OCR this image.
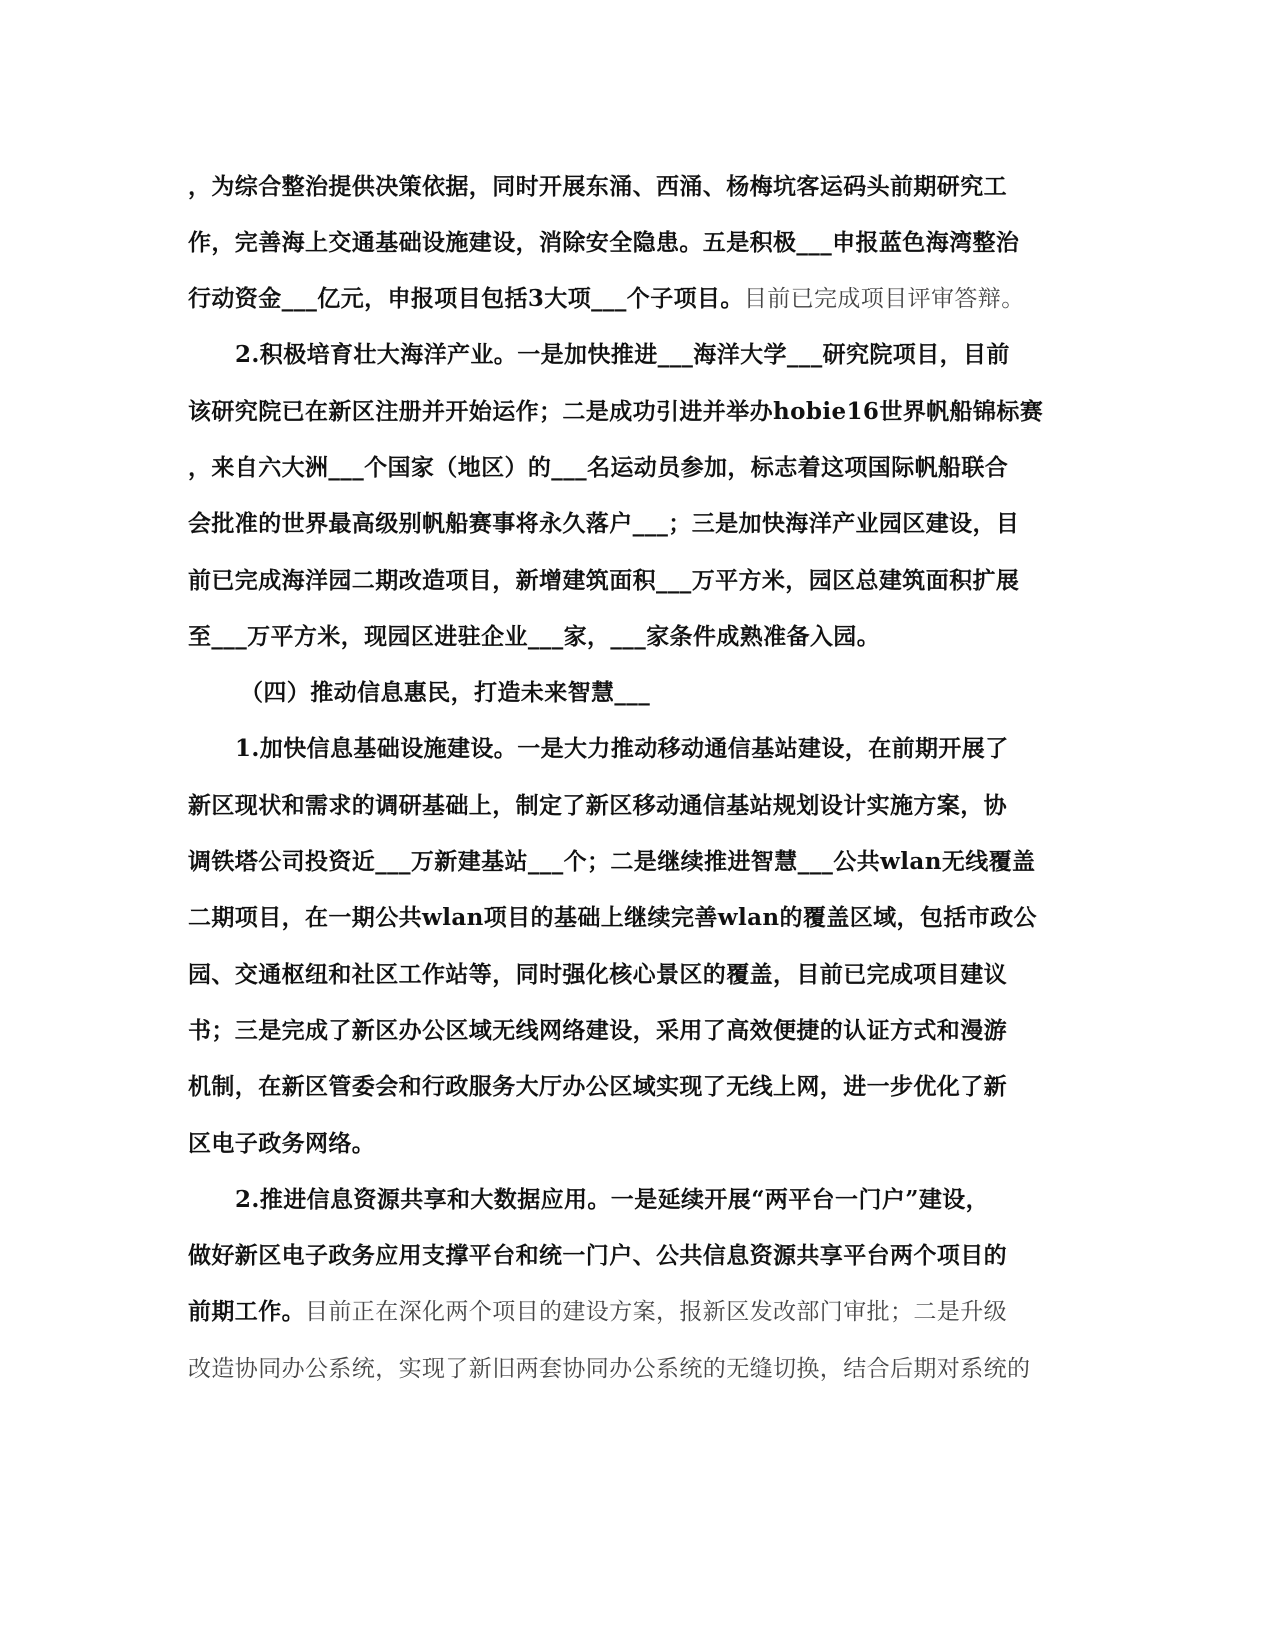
，为综合整治提供决策依据，同时开展东涌、西涌、杨梅坑客运码头前期研究工
作，完善海上交通基础设施建设，消除安全隐患。五是积极___申报蓝色海湾整治
行动资金___亿元，申报项目包括3大项___个子项目。目前已完成项目评审答辩。
2.积极培育壮大海洋产业。一是加快推进___海洋大学___研究院项目，目前
该研究院已在新区注册并开始运作；二是成功引进并举办hobie16世界帆船锦标赛
，来自六大洲___个国家（地区）的___名运动员参加，标志着这项国际帆船联合
会批准的世界最高级别帆船赛事将永久落户___；三是加快海洋产业园区建设，目
前已完成海洋园二期改造项目，新增建筑面积___万平方米，园区总建筑面积扩展
至___万平方米，现园区进驻企业___家，___家条件成熟准备入园。
（四）推动信息惠民，打造未来智慧___
1.加快信息基础设施建设。一是大力推动移动通信基站建设，在前期开展了
新区现状和需求的调研基础上，制定了新区移动通信基站规划设计实施方案，协
调铁塔公司投资近___万新建基站___个；二是继续推进智慧___公共wlan无线覆盖
二期项目，在一期公共wlan项目的基础上继续完善wlan的覆盖区域，包括市政公
园、交通枢纽和社区工作站等，同时强化核心景区的覆盖，目前已完成项目建议
书；三是完成了新区办公区域无线网络建设，采用了高效便捷的认证方式和漫游
机制，在新区管委会和行政服务大厅办公区域实现了无线上网，进一步优化了新
区电子政务网络。
2.推进信息资源共享和大数据应用。一是延续开展“两平台一门户”建设，
做好新区电子政务应用支撑平台和统一门户、公共信息资源共享平台两个项目的
前期工作。目前正在深化两个项目的建设方案，报新区发改部门审批；二是升级
改造协同办公系统，实现了新旧两套协同办公系统的无缝切换，结合后期对系统的
